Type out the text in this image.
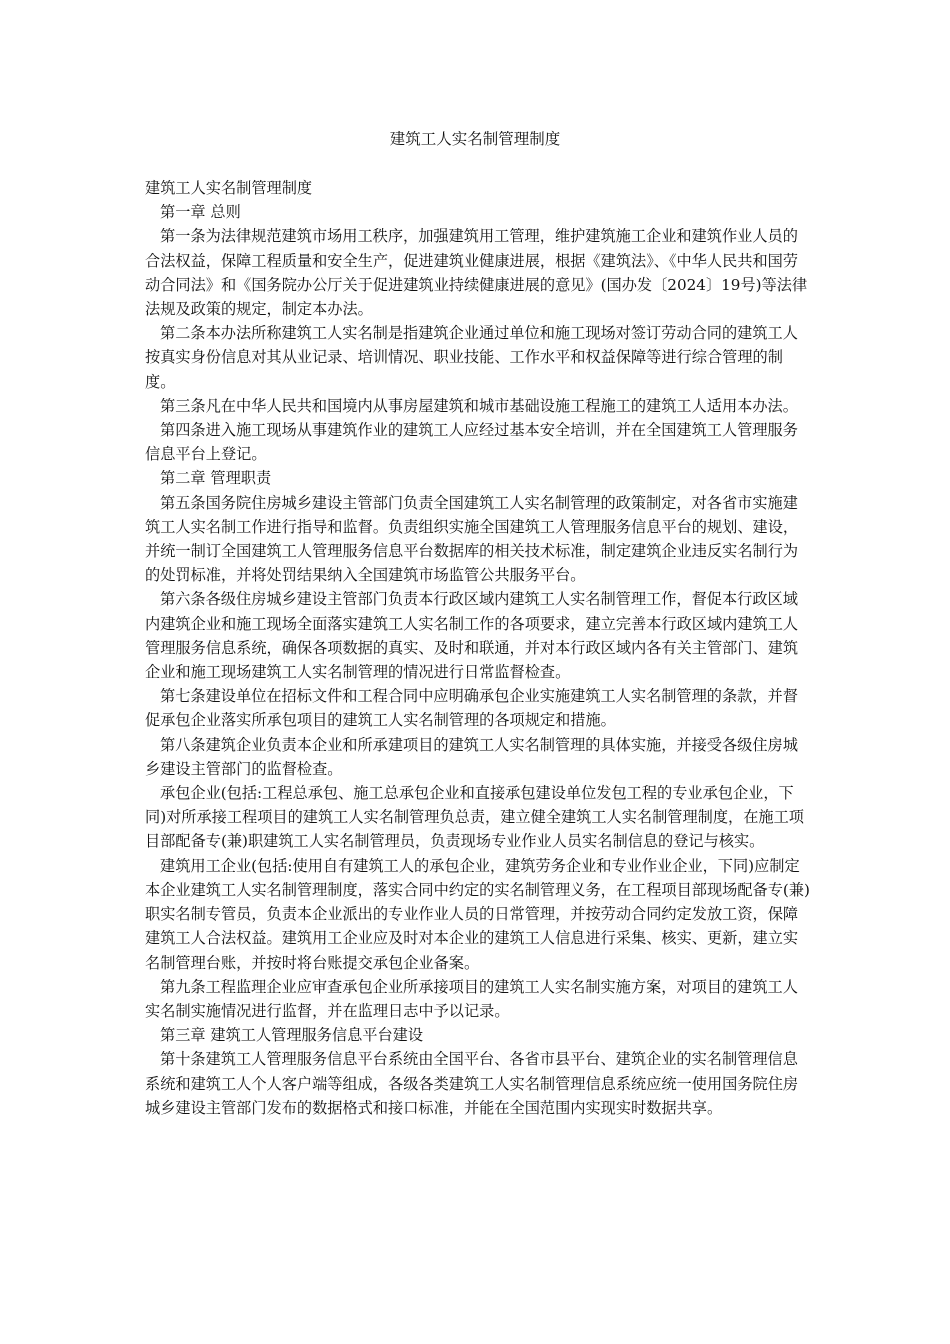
建筑工人实名制管理制度

建筑工人实名制管理制度

第一章 总则

第一条为法律规范建筑市场用工秩序，加强建筑用工管理，维护建筑施工企业和建筑作业人员的合法权益，保障工程质量和安全生产，促进建筑业健康进展，根据《建筑法》、《中华人民共和国劳动合同法》和《国务院办公厅关于促进建筑业持续健康进展的意见》(国办发〔2024〕19号)等法律法规及政策的规定，制定本办法。

第二条本办法所称建筑工人实名制是指建筑企业通过单位和施工现场对签订劳动合同的建筑工人按真实身份信息对其从业记录、培训情况、职业技能、工作水平和权益保障等进行综合管理的制度。

第三条凡在中华人民共和国境内从事房屋建筑和城市基础设施工程施工的建筑工人适用本办法。

第四条进入施工现场从事建筑作业的建筑工人应经过基本安全培训，并在全国建筑工人管理服务信息平台上登记。

第二章 管理职责

第五条国务院住房城乡建设主管部门负责全国建筑工人实名制管理的政策制定，对各省市实施建筑工人实名制工作进行指导和监督。负责组织实施全国建筑工人管理服务信息平台的规划、建设，并统一制订全国建筑工人管理服务信息平台数据库的相关技术标准，制定建筑企业违反实名制行为的处罚标准，并将处罚结果纳入全国建筑市场监管公共服务平台。

第六条各级住房城乡建设主管部门负责本行政区域内建筑工人实名制管理工作，督促本行政区域内建筑企业和施工现场全面落实建筑工人实名制工作的各项要求，建立完善本行政区域内建筑工人管理服务信息系统，确保各项数据的真实、及时和联通，并对本行政区域内各有关主管部门、建筑企业和施工现场建筑工人实名制管理的情况进行日常监督检查。

第七条建设单位在招标文件和工程合同中应明确承包企业实施建筑工人实名制管理的条款，并督促承包企业落实所承包项目的建筑工人实名制管理的各项规定和措施。

第八条建筑企业负责本企业和所承建项目的建筑工人实名制管理的具体实施，并接受各级住房城乡建设主管部门的监督检查。

承包企业(包括:工程总承包、施工总承包企业和直接承包建设单位发包工程的专业承包企业，下同)对所承接工程项目的建筑工人实名制管理负总责，建立健全建筑工人实名制管理制度，在施工项目部配备专(兼)职建筑工人实名制管理员，负责现场专业作业人员实名制信息的登记与核实。

建筑用工企业(包括:使用自有建筑工人的承包企业，建筑劳务企业和专业作业企业，下同)应制定本企业建筑工人实名制管理制度，落实合同中约定的实名制管理义务，在工程项目部现场配备专(兼)职实名制专管员，负责本企业派出的专业作业人员的日常管理，并按劳动合同约定发放工资，保障建筑工人合法权益。建筑用工企业应及时对本企业的建筑工人信息进行采集、核实、更新，建立实名制管理台账，并按时将台账提交承包企业备案。

第九条工程监理企业应审查承包企业所承接项目的建筑工人实名制实施方案，对项目的建筑工人实名制实施情况进行监督，并在监理日志中予以记录。

第三章 建筑工人管理服务信息平台建设

第十条建筑工人管理服务信息平台系统由全国平台、各省市县平台、建筑企业的实名制管理信息系统和建筑工人个人客户端等组成，各级各类建筑工人实名制管理信息系统应统一使用国务院住房城乡建设主管部门发布的数据格式和接口标准，并能在全国范围内实现实时数据共享。
